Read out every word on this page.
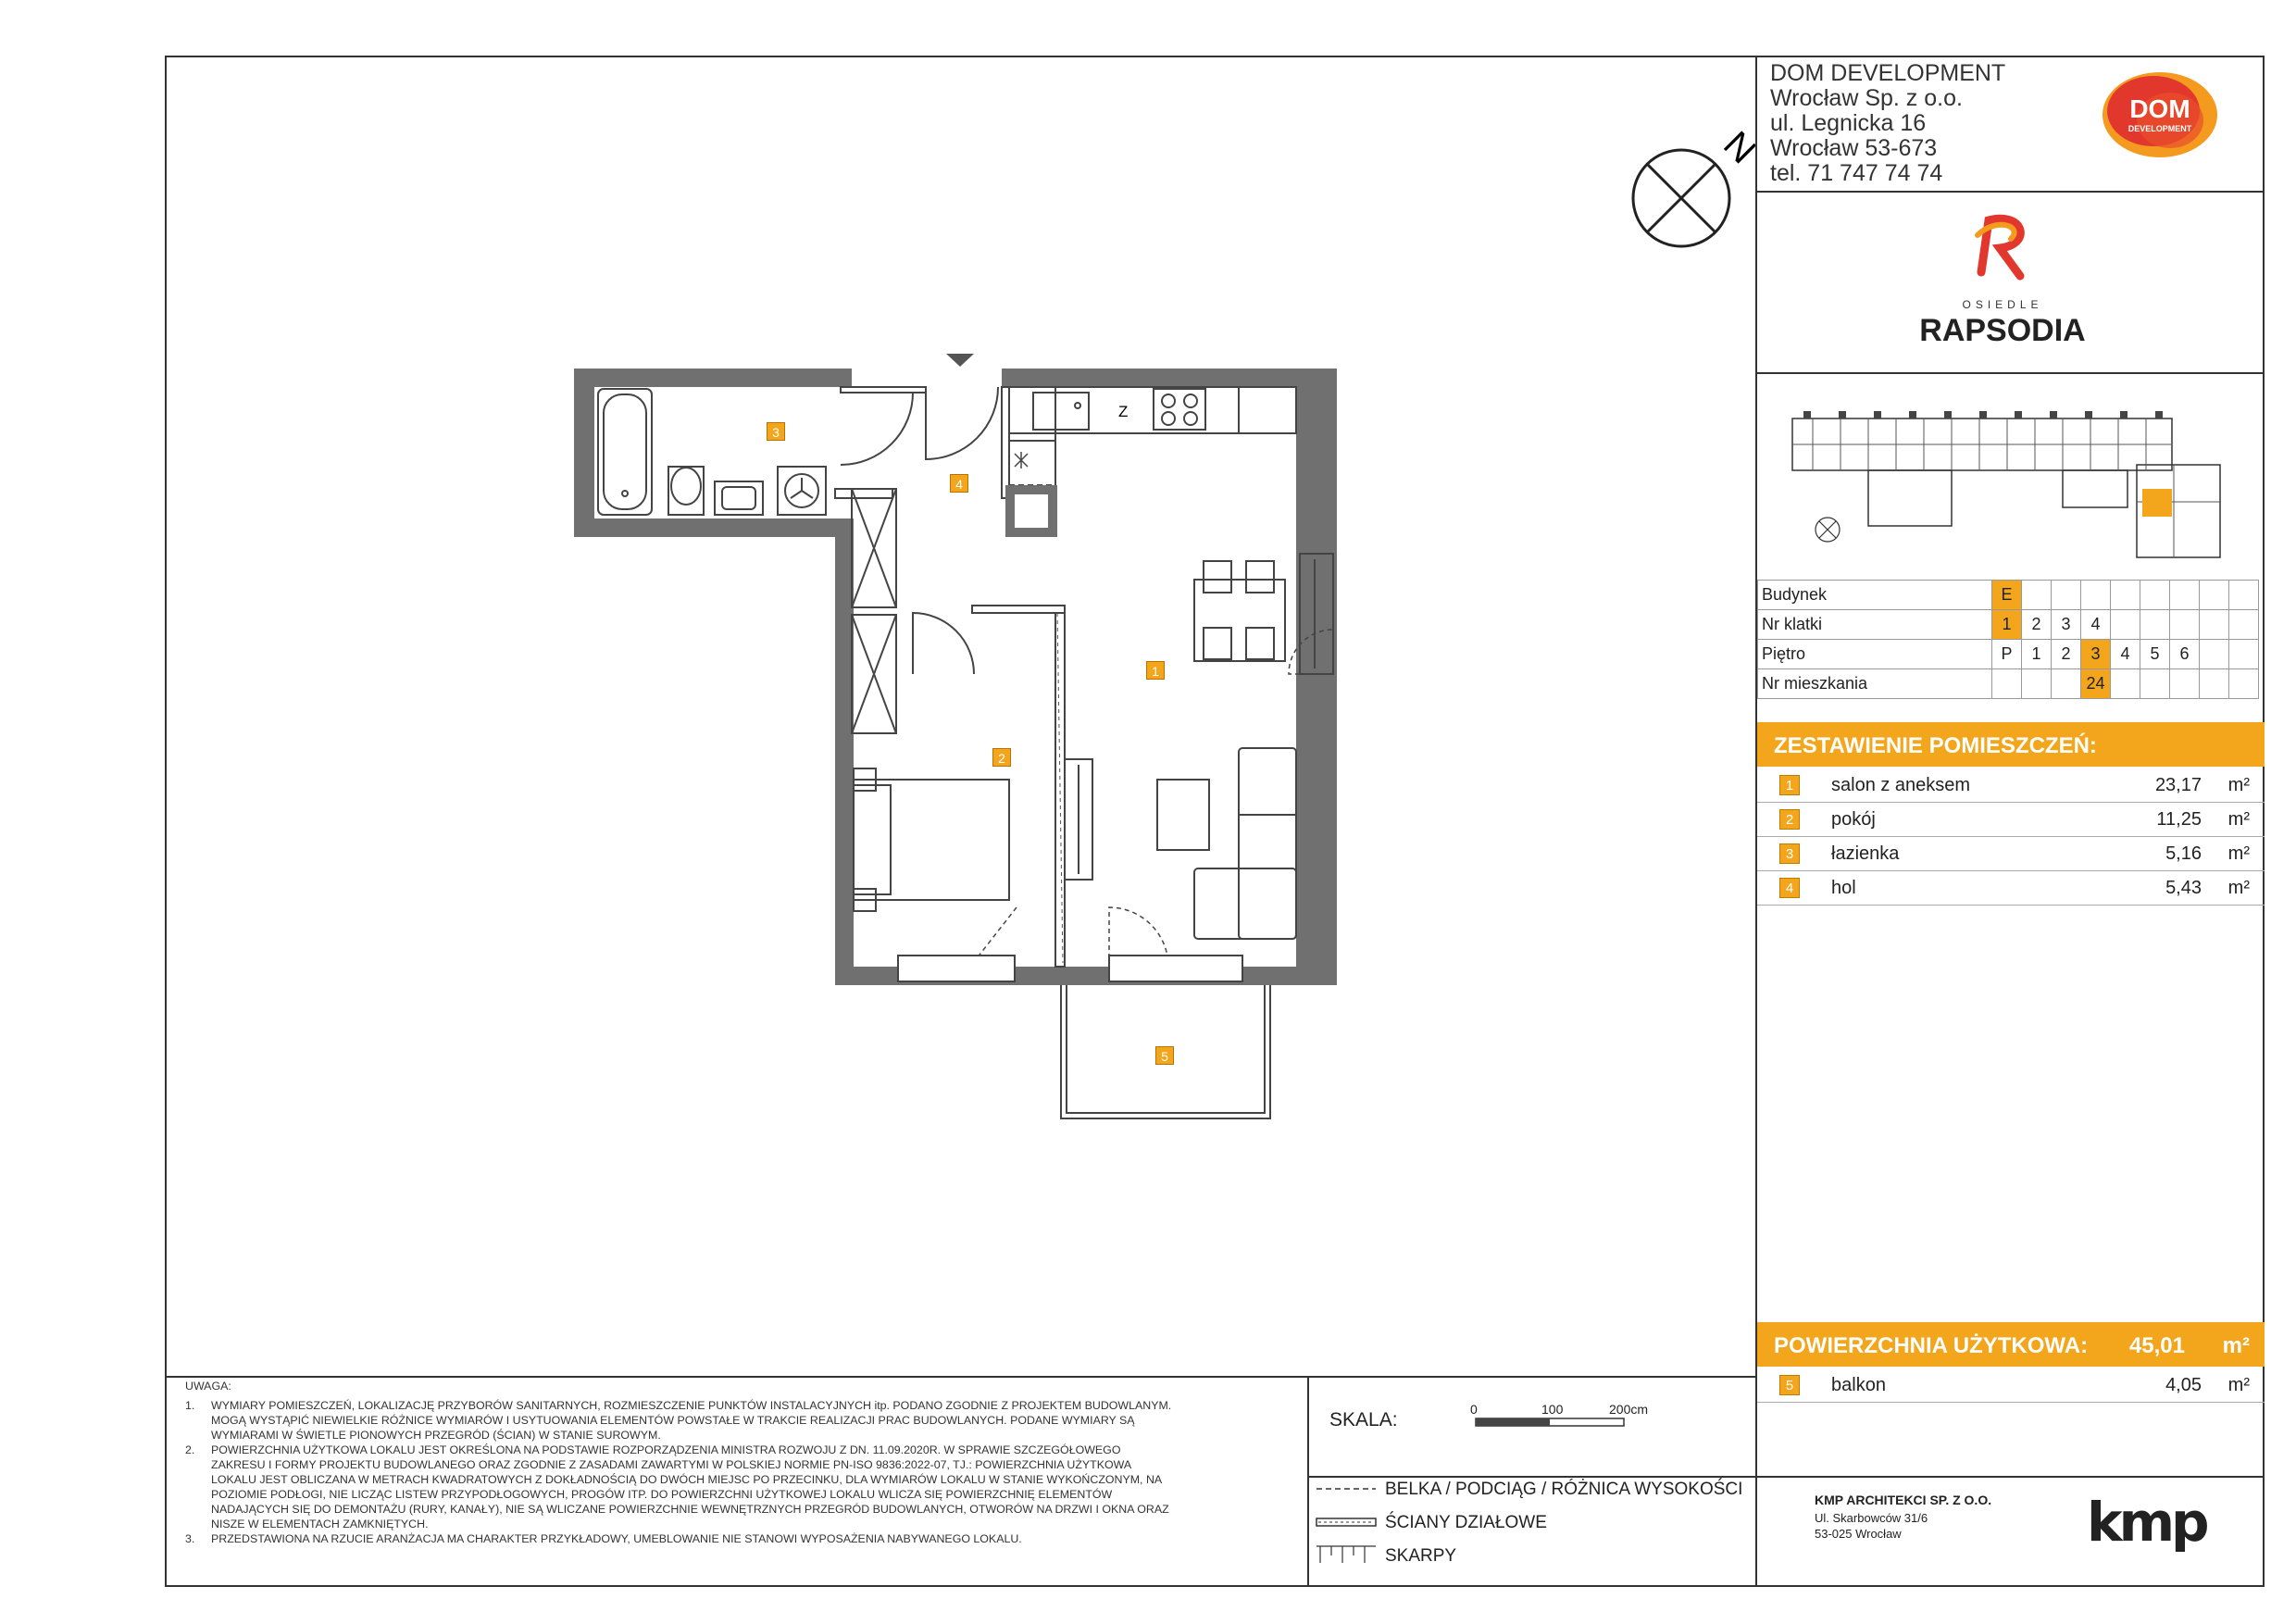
N
Z
1
2
3
4
5
DOM DEVELOPMENT
Wrocław Sp. z o.o.
ul. Legnicka 16
Wrocław 53-673
tel. 71 747 74 74
DOM
DEVELOPMENT
OSIEDLE
RAPSODIA
Budynek	E								
Nr klatki	1	2	3	4					
Piętro	P	1	2	3	4	5	6		
Nr mieszkania				24					
ZESTAWIENIE POMIESZCZEŃ:
1	salon z aneksem	23,17 m²
2	pokój	11,25 m²
3	łazienka	5,16 m²
4	hol	5,43 m²
POWIERZCHNIA UŻYTKOWA: 45,01 m²
5	balkon	4,05 m²
KMP ARCHITEKCI SP. Z O.O.
Ul. Skarbowców 31/6
53-025 Wrocław	kmp
UWAGA:
1. WYMIARY POMIESZCZEŃ, LOKALIZACJĘ PRZYBORÓW SANITARNYCH, ROZMIESZCZENIE PUNKTÓW INSTALACYJNYCH itp. PODANO ZGODNIE Z PROJEKTEM BUDOWLANYM.
MOGĄ WYSTĄPIĆ NIEWIELKIE RÓŻNICE WYMIARÓW I USYTUOWANIA ELEMENTÓW POWSTAŁE W TRAKCIE REALIZACJI PRAC BUDOWLANYCH. PODANE WYMIARY SĄ
WYMIARAMI W ŚWIETLE PIONOWYCH PRZEGRÓD (ŚCIAN) W STANIE SUROWYM.
2. POWIERZCHNIA UŻYTKOWA LOKALU JEST OKREŚLONA NA PODSTAWIE ROZPORZĄDZENIA MINISTRA ROZWOJU Z DN. 11.09.2020R. W SPRAWIE SZCZEGÓŁOWEGO
ZAKRESU I FORMY PROJEKTU BUDOWLANEGO ORAZ ZGODNIE Z ZASADAMI ZAWARTYMI W POLSKIEJ NORMIE PN-ISO 9836:2022-07, TJ.: POWIERZCHNIA UŻYTKOWA
LOKALU JEST OBLICZANA W METRACH KWADRATOWYCH Z DOKŁADNOŚCIĄ DO DWÓCH MIEJSC PO PRZECINKU, DLA WYMIARÓW LOKALU W STANIE WYKOŃCZONYM, NA
POZIOMIE PODŁOGI, NIE LICZĄC LISTEW PRZYPODŁOGOWYCH, PROGÓW ITP. DO POWIERZCHNI UŻYTKOWEJ LOKALU WLICZA SIĘ POWIERZCHNIĘ ELEMENTÓW
NADAJĄCYCH SIĘ DO DEMONTAŻU (RURY, KANAŁY), NIE SĄ WLICZANE POWIERZCHNIE WEWNĘTRZNYCH PRZEGRÓD BUDOWLANYCH, OTWORÓW NA DRZWI I OKNA ORAZ
NISZE W ELEMENTACH ZAMKNIĘTYCH.
3. PRZEDSTAWIONA NA RZUCIE ARANŻACJA MA CHARAKTER PRZYKŁADOWY, UMEBLOWANIE NIE STANOWI WYPOSAŻENIA NABYWANEGO LOKALU.
SKALA:	0	100	200cm
BELKA / PODCIĄG / RÓŻNICA WYSOKOŚCI
ŚCIANY DZIAŁOWE
SKARPY
